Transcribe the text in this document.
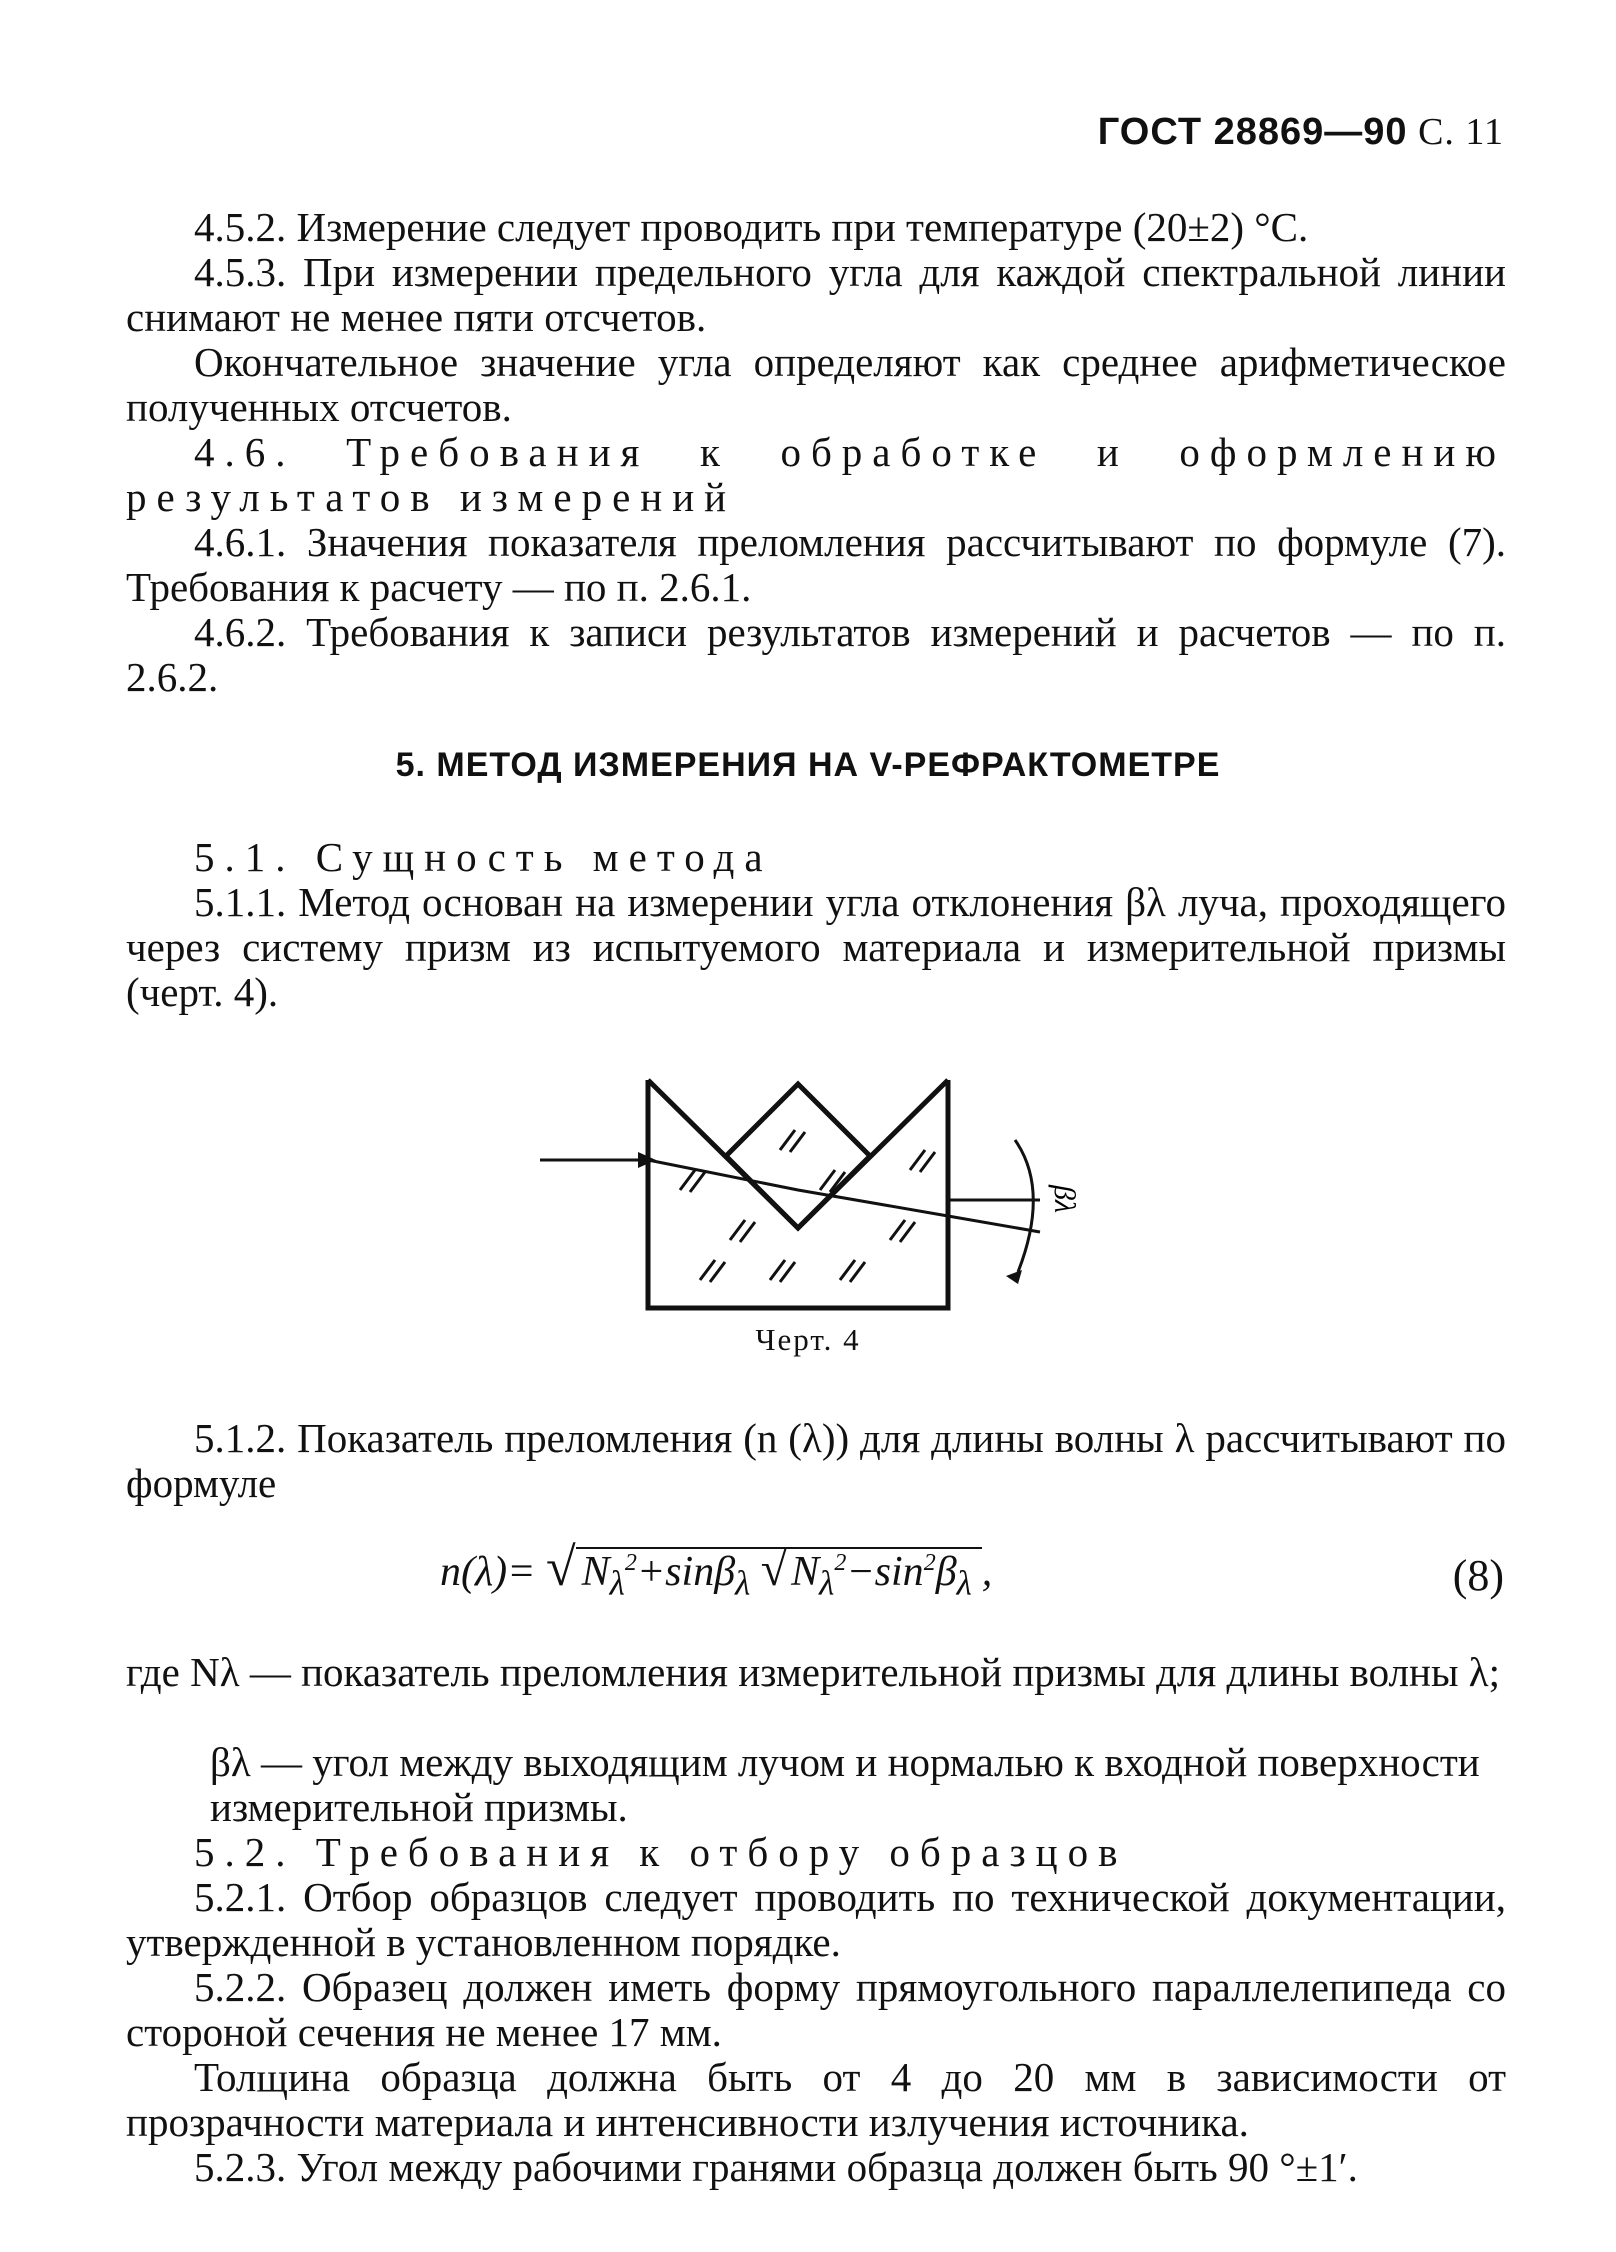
ГОСТ 28869—90 С. 11
4.5.2. Измерение следует проводить при температуре (20±2) °С.
4.5.3. При измерении предельного угла для каждой спектральной линии снимают не менее пяти отсчетов.
Окончательное значение угла определяют как среднее арифметическое полученных отсчетов.
4.6. Требования к обработке и оформлению результатов измерений
4.6.1. Значения показателя преломления рассчитывают по формуле (7). Требования к расчету — по п. 2.6.1.
4.6.2. Требования к записи результатов измерений и расчетов — по п. 2.6.2.
5. МЕТОД ИЗМЕРЕНИЯ НА V-РЕФРАКТОМЕТРЕ
5.1. Сущность метода
5.1.1. Метод основан на измерении угла отклонения βλ луча, проходящего через систему призм из испытуемого материала и измерительной призмы (черт. 4).
βλ
Черт. 4
5.1.2. Показатель преломления (n (λ)) для длины волны λ рассчитывают по формуле
n(λ)= √ $N_\lambda^2+\sin\beta_\lambda$ $√N_\lambda^2-\sin^2\beta_\lambda$ ,	(8)
где Nλ — показатель преломления измерительной призмы для длины волны λ;
βλ — угол между выходящим лучом и нормалью к входной поверхности измерительной призмы.
5.2. Требования к отбору образцов
5.2.1. Отбор образцов следует проводить по технической документации, утвержденной в установленном порядке.
5.2.2. Образец должен иметь форму прямоугольного параллелепипеда со стороной сечения не менее 17 мм.
Толщина образца должна быть от 4 до 20 мм в зависимости от прозрачности материала и интенсивности излучения источника.
5.2.3. Угол между рабочими гранями образца должен быть 90 °±1′.
